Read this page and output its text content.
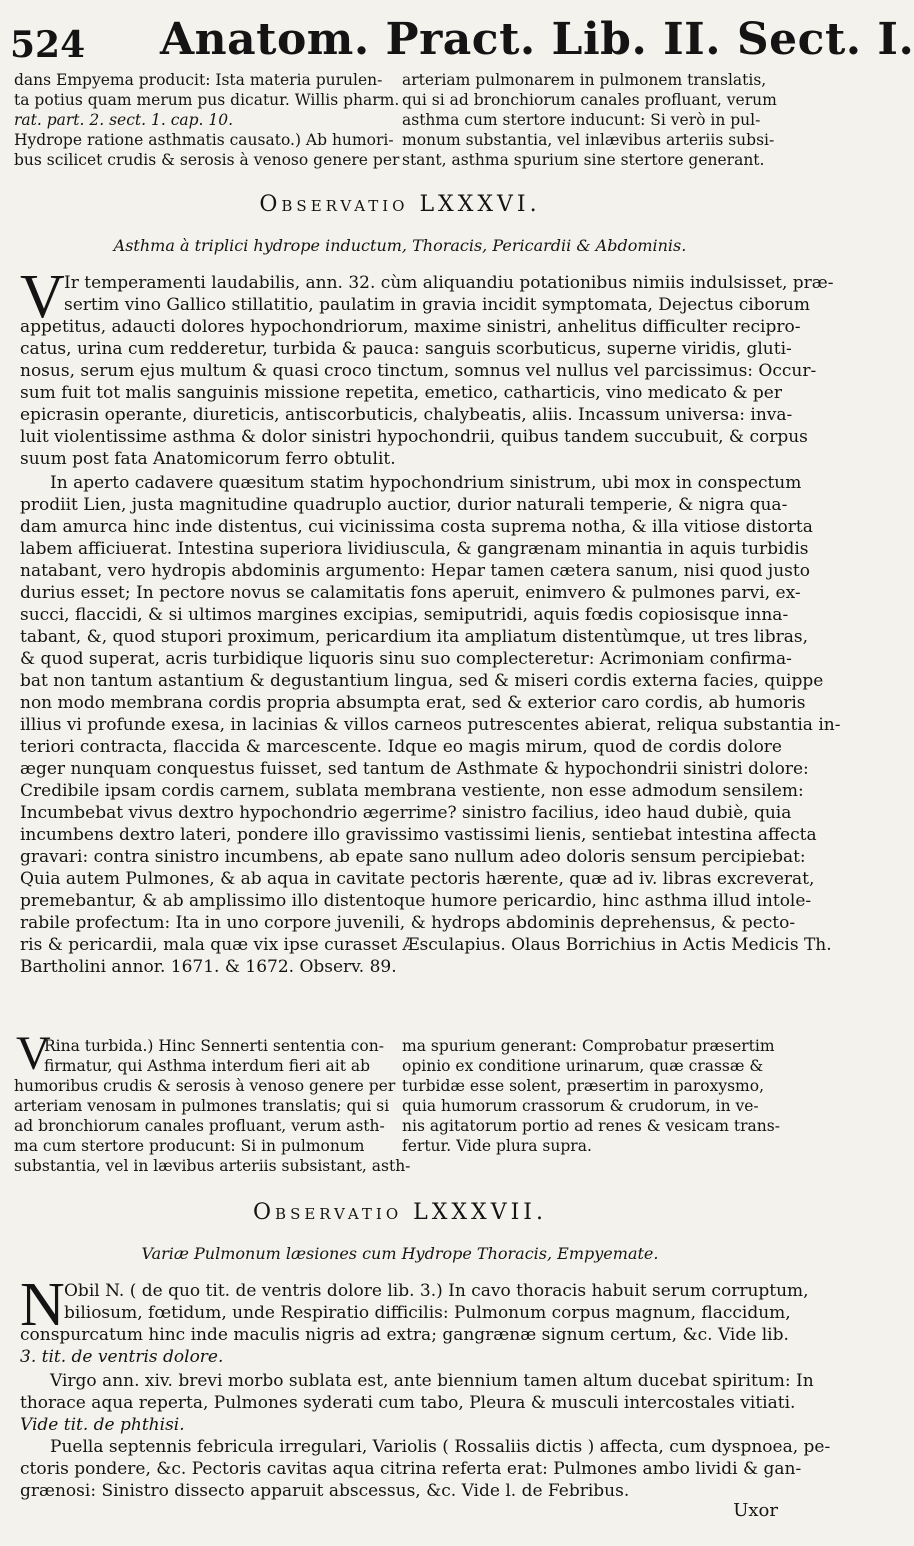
524 Anatom. Pract. Lib. II. Sect. I.
dans Empyema producit: Ista materia purulen-
ta potius quam merum pus dicatur. Willis pharm.
rat. part. 2. sect. 1. cap. 10.
Hydrope ratione asthmatis causato.) Ab humori-
bus scilicet crudis & serosis à venoso genere per
arteriam pulmonarem in pulmonem translatis,
qui si ad bronchiorum canales profluant, verum
asthma cum stertore inducunt: Si verò in pul-
monum substantia, vel inlævibus arteriis subsi-
stant, asthma spurium sine stertore generant.
Observatio LXXXVI.
Asthma à triplici hydrope inductum, Thoracis, Pericardii & Abdominis.
V Ir temperamenti laudabilis, ann. 32. cùm aliquandiu potationibus nimiis indulsisset, præ-
sertim vino Gallico stillatitio, paulatim in gravia incidit symptomata, Dejectus ciborum
appetitus, adaucti dolores hypochondriorum, maxime sinistri, anhelitus difficulter recipro-
catus, urina cum redderetur, turbida & pauca: sanguis scorbuticus, superne viridis, gluti-
nosus, serum ejus multum & quasi croco tinctum, somnus vel nullus vel parcissimus: Occur-
sum fuit tot malis sanguinis missione repetita, emetico, catharticis, vino medicato & per
epicrasin operante, diureticis, antiscorbuticis, chalybeatis, aliis. Incassum universa: inva-
luit violentissime asthma & dolor sinistri hypochondrii, quibus tandem succubuit, & corpus
suum post fata Anatomicorum ferro obtulit.
In aperto cadavere quæsitum statim hypochondrium sinistrum, ubi mox in conspectum
prodiit Lien, justa magnitudine quadruplo auctior, durior naturali temperie, & nigra qua-
dam amurca hinc inde distentus, cui vicinissima costa suprema notha, & illa vitiose distorta
labem afficiuerat. Intestina superiora lividiuscula, & gangrænam minantia in aquis turbidis
natabant, vero hydropis abdominis argumento: Hepar tamen cætera sanum, nisi quod justo
durius esset; In pectore novus se calamitatis fons aperuit, enimvero & pulmones parvi, ex-
succi, flaccidi, & si ultimos margines excipias, semiputridi, aquis fœdis copiosisque inna-
tabant, &, quod stupori proximum, pericardium ita ampliatum distentùmque, ut tres libras,
& quod superat, acris turbidique liquoris sinu suo complecteretur: Acrimoniam confirma-
bat non tantum astantium & degustantium lingua, sed & miseri cordis externa facies, quippe
non modo membrana cordis propria absumpta erat, sed & exterior caro cordis, ab humoris
illius vi profunde exesa, in lacinias & villos carneos putrescentes abierat, reliqua substantia in-
teriori contracta, flaccida & marcescente. Idque eo magis mirum, quod de cordis dolore
æger nunquam conquestus fuisset, sed tantum de Asthmate & hypochondrii sinistri dolore:
Credibile ipsam cordis carnem, sublata membrana vestiente, non esse admodum sensilem:
Incumbebat vivus dextro hypochondrio ægerrime? sinistro facilius, ideo haud dubiè, quia
incumbens dextro lateri, pondere illo gravissimo vastissimi lienis, sentiebat intestina affecta
gravari: contra sinistro incumbens, ab epate sano nullum adeo doloris sensum percipiebat:
Quia autem Pulmones, & ab aqua in cavitate pectoris hærente, quæ ad iv. libras excreverat,
premebantur, & ab amplissimo illo distentoque humore pericardio, hinc asthma illud intole-
rabile profectum: Ita in uno corpore juvenili, & hydrops abdominis deprehensus, & pecto-
ris & pericardii, mala quæ vix ipse curasset Æsculapius. Olaus Borrichius in Actis Medicis Th.
Bartholini annor. 1671. & 1672. Observ. 89.
V
Rina turbida.) Hinc Sennerti sententia con-
firmatur, qui Asthma interdum fieri ait ab
humoribus crudis & serosis à venoso genere per
arteriam venosam in pulmones translatis; qui si
ad bronchiorum canales profluant, verum asth-
ma cum stertore producunt: Si in pulmonum
substantia, vel in lævibus arteriis subsistant, asth-
ma spurium generant: Comprobatur præsertim
opinio ex conditione urinarum, quæ crassæ &
turbidæ esse solent, præsertim in paroxysmo,
quia humorum crassorum & crudorum, in ve-
nis agitatorum portio ad renes & vesicam trans-
fertur. Vide plura supra.
Observatio LXXXVII.
Variæ Pulmonum læsiones cum Hydrope Thoracis, Empyemate.
N Obil N. ( de quo tit. de ventris dolore lib. 3.) In cavo thoracis habuit serum corruptum,
biliosum, fœtidum, unde Respiratio difficilis: Pulmonum corpus magnum, flaccidum,
conspurcatum hinc inde maculis nigris ad extra; gangrænæ signum certum, &c. Vide lib.
3. tit. de ventris dolore.
Virgo ann. xiv. brevi morbo sublata est, ante biennium tamen altum ducebat spiritum: In
thorace aqua reperta, Pulmones syderati cum tabo, Pleura & musculi intercostales vitiati.
Vide tit. de phthisi.
Puella septennis febricula irregulari, Variolis ( Rossaliis dictis ) affecta, cum dyspnoea, pe-
ctoris pondere, &c. Pectoris cavitas aqua citrina referta erat: Pulmones ambo lividi & gan-
grænosi: Sinistro dissecto apparuit abscessus, &c. Vide l. de Febribus.
Uxor
